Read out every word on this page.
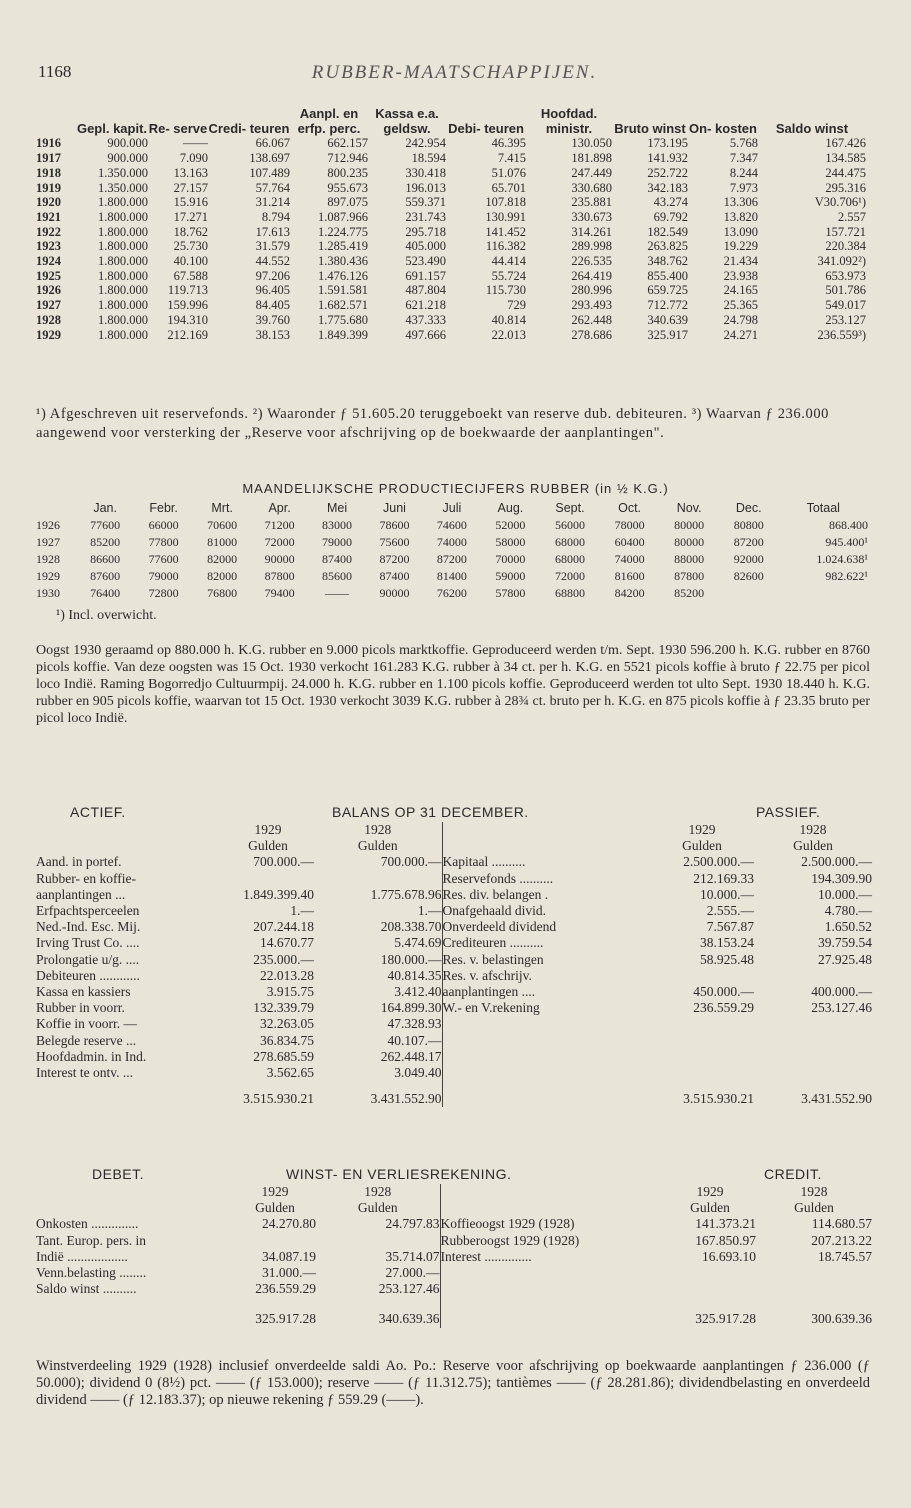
1168	RUBBER-MAATSCHAPPIJEN.
	Gepl. kapit.	Re- serve	Credi- teuren	Aanpl. en erfp. perc.	Kassa e.a. geldsw.	Debi- teuren	Hoofdad. ministr.	Bruto winst	On- kosten	Saldo winst
1916	900.000	——	66.067	662.157	242.954	46.395	130.050	173.195	5.768	167.426
1917	900.000	7.090	138.697	712.946	18.594	7.415	181.898	141.932	7.347	134.585
1918	1.350.000	13.163	107.489	800.235	330.418	51.076	247.449	252.722	8.244	244.475
1919	1.350.000	27.157	57.764	955.673	196.013	65.701	330.680	342.183	7.973	295.316
1920	1.800.000	15.916	31.214	897.075	559.371	107.818	235.881	43.274	13.306	V30.706¹)
1921	1.800.000	17.271	8.794	1.087.966	231.743	130.991	330.673	69.792	13.820	2.557
1922	1.800.000	18.762	17.613	1.224.775	295.718	141.452	314.261	182.549	13.090	157.721
1923	1.800.000	25.730	31.579	1.285.419	405.000	116.382	289.998	263.825	19.229	220.384
1924	1.800.000	40.100	44.552	1.380.436	523.490	44.414	226.535	348.762	21.434	341.092²)
1925	1.800.000	67.588	97.206	1.476.126	691.157	55.724	264.419	855.400	23.938	653.973
1926	1.800.000	119.713	96.405	1.591.581	487.804	115.730	280.996	659.725	24.165	501.786
1927	1.800.000	159.996	84.405	1.682.571	621.218	729	293.493	712.772	25.365	549.017
1928	1.800.000	194.310	39.760	1.775.680	437.333	40.814	262.448	340.639	24.798	253.127
1929	1.800.000	212.169	38.153	1.849.399	497.666	22.013	278.686	325.917	24.271	236.559³)

¹) Afgeschreven uit reservefonds. ²) Waaronder ƒ 51.605.20 teruggeboekt van reserve dub. debiteuren. ³) Waarvan ƒ 236.000 aangewend voor versterking der „Reserve voor afschrijving op de boekwaarde der aanplantingen".

MAANDELIJKSCHE PRODUCTIECIJFERS RUBBER (in ½ K.G.)
	Jan.	Febr.	Mrt.	Apr.	Mei	Juni	Juli	Aug.	Sept.	Oct.	Nov.	Dec.	Totaal
1926	77600	66000	70600	71200	83000	78600	74600	52000	56000	78000	80000	80800	868.400
1927	85200	77800	81000	72000	79000	75600	74000	58000	68000	60400	80000	87200	945.400¹
1928	86600	77600	82000	90000	87400	87200	87200	70000	68000	74000	88000	92000	1.024.638¹
1929	87600	79000	82000	87800	85600	87400	81400	59000	72000	81600	87800	82600	982.622¹
1930	76400	72800	76800	79400	——	90000	76200	57800	68800	84200	85200		
¹) Incl. overwicht.

Oogst 1930 geraamd op 880.000 h. K.G. rubber en 9.000 picols marktkoffie. Geproduceerd werden t/m. Sept. 1930 596.200 h. K.G. rubber en 8760 picols koffie. Van deze oogsten was 15 Oct. 1930 verkocht 161.283 K.G. rubber à 34 ct. per h. K.G. en 5521 picols koffie à bruto ƒ 22.75 per picol loco Indië. Raming Bogorredjo Cultuurmpij. 24.000 h. K.G. rubber en 1.100 picols koffie. Geproduceerd werden tot ulto Sept. 1930 18.440 h. K.G. rubber en 905 picols koffie, waarvan tot 15 Oct. 1930 verkocht 3039 K.G. rubber à 28¾ ct. bruto per h. K.G. en 875 picols koffie à ƒ 23.35 bruto per picol loco Indië.

ACTIEF.	BALANS OP 31 DECEMBER.	PASSIEF.
	1929	1928		1929	1928
	Gulden	Gulden		Gulden	Gulden
Aand. in portef.	700.000.—	700.000.—	Kapitaal ..........	2.500.000.—	2.500.000.—
Rubber- en koffie-			Reservefonds ..........	212.169.33	194.309.90
aanplantingen ...	1.849.399.40	1.775.678.96	Res. div. belangen .	10.000.—	10.000.—
Erfpachtsperceelen	1.—	1.—	Onafgehaald divid.	2.555.—	4.780.—
Ned.-Ind. Esc. Mij.	207.244.18	208.338.70	Onverdeeld dividend	7.567.87	1.650.52
Irving Trust Co. ....	14.670.77	5.474.69	Crediteuren ..........	38.153.24	39.759.54
Prolongatie u/g. ....	235.000.—	180.000.—	Res. v. belastingen	58.925.48	27.925.48
Debiteuren ............	22.013.28	40.814.35	Res. v. afschrijv.		
Kassa en kassiers	3.915.75	3.412.40	aanplantingen ....	450.000.—	400.000.—
Rubber in voorr.	132.339.79	164.899.30	W.- en V.rekening	236.559.29	253.127.46
Koffie in voorr. —	32.263.05	47.328.93			
Belegde reserve ...	36.834.75	40.107.—			
Hoofdadmin. in Ind.	278.685.59	262.448.17			
Interest te ontv. ...	3.562.65	3.049.40			
	3.515.930.21	3.431.552.90		3.515.930.21	3.431.552.90
DEBET.	WINST- EN VERLIESREKENING.	CREDIT.
	1929	1928		1929	1928
	Gulden	Gulden		Gulden	Gulden
Onkosten ..............	24.270.80	24.797.83	Koffieoogst 1929 (1928)	141.373.21	114.680.57
Tant. Europ. pers. in			Rubberoogst 1929 (1928)	167.850.97	207.213.22
Indië ..................	34.087.19	35.714.07	Interest ..............	16.693.10	18.745.57
Venn.belasting ........	31.000.—	27.000.—			
Saldo winst ..........	236.559.29	253.127.46			
	325.917.28	340.639.36		325.917.28	300.639.36

Winstverdeeling 1929 (1928) inclusief onverdeelde saldi Ao. Po.: Reserve voor afschrijving op boekwaarde aanplantingen ƒ 236.000 (ƒ 50.000); dividend 0 (8½) pct. —— (ƒ 153.000); reserve —— (ƒ 11.312.75); tantièmes —— (ƒ 28.281.86); dividendbelasting en onverdeeld dividend —— (ƒ 12.183.37); op nieuwe rekening ƒ 559.29 (——).
